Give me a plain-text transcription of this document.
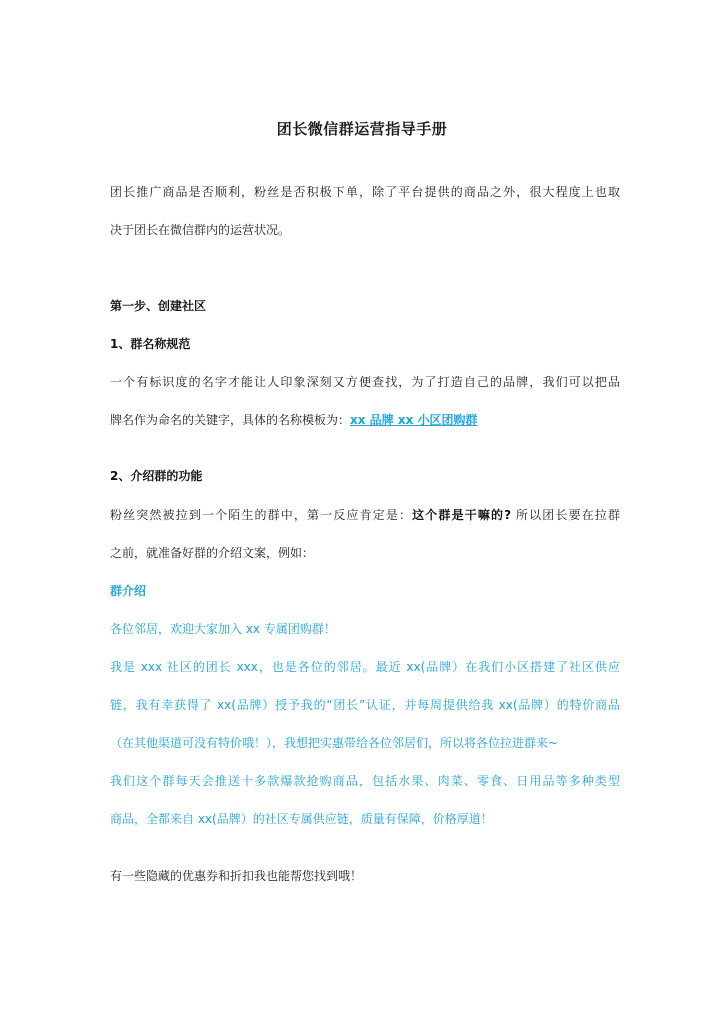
团长微信群运营指导手册
团长推广商品是否顺利，粉丝是否积极下单，除了平台提供的商品之外，很大程度上也取
决于团长在微信群内的运营状况。
第一步、创建社区
1、群名称规范
一个有标识度的名字才能让人印象深刻又方便查找，为了打造自己的品牌，我们可以把品
牌名作为命名的关键字，具体的名称模板为：xx 品牌 xx 小区团购群
2、介绍群的功能
粉丝突然被拉到一个陌生的群中，第一反应肯定是：这个群是干嘛的? 所以团长要在拉群
之前，就准备好群的介绍文案，例如：
群介绍
各位邻居，欢迎大家加入 xx 专属团购群！
我是 xxx 社区的团长 xxx，也是各位的邻居。最近 xx(品牌）在我们小区搭建了社区供应
链，我有幸获得了 xx(品牌）授予我的“团长”认证，并每周提供给我 xx(品牌）的特价商品
（在其他渠道可没有特价哦！），我想把实惠带给各位邻居们，所以将各位拉进群来~
我们这个群每天会推送十多款爆款抢购商品，包括水果、肉菜、零食、日用品等多种类型
商品，全都来自 xx(品牌）的社区专属供应链，质量有保障，价格厚道！
有一些隐藏的优惠券和折扣我也能帮您找到哦！
